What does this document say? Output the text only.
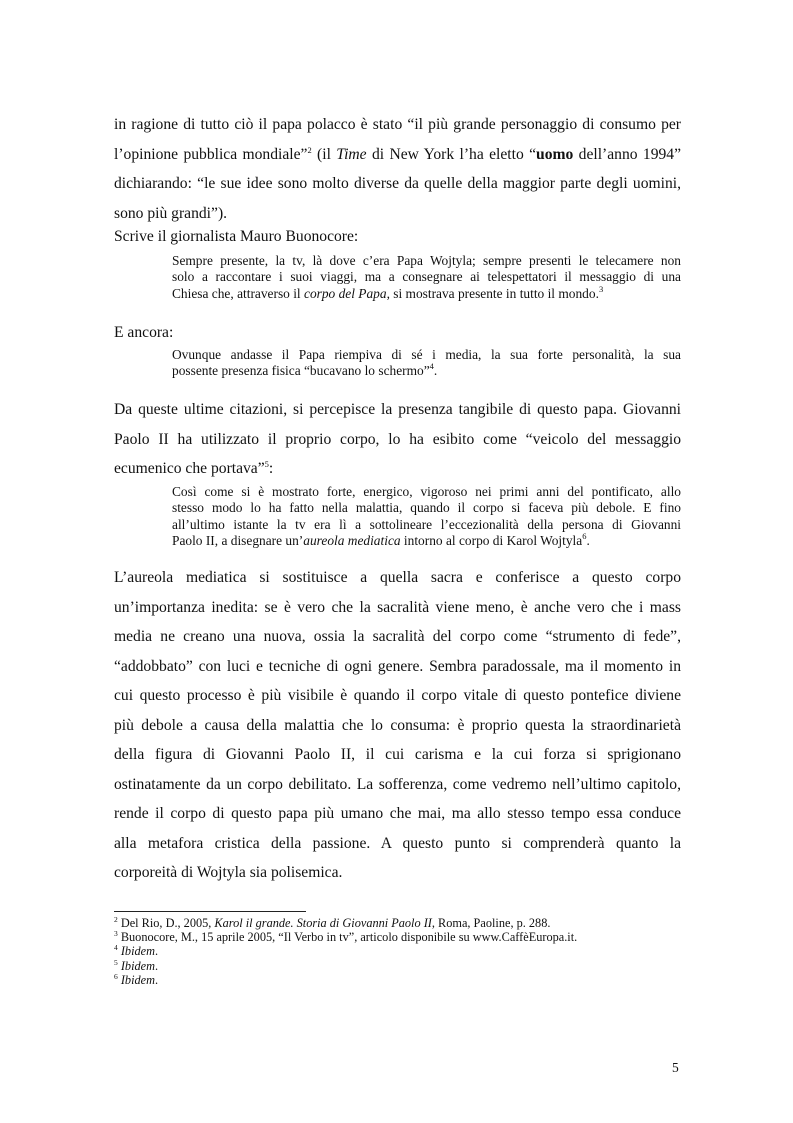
in ragione di tutto ciò il papa polacco è stato “il più grande personaggio di consumo per
l’opinione pubblica mondiale”$^2$ (il Time di New York l’ha eletto “uomo dell’anno 1994”
dichiarando: “le sue idee sono molto diverse da quelle della maggior parte degli uomini,
sono più grandi”).
Scrive il giornalista Mauro Buonocore:
Sempre presente, la tv, là dove c’era Papa Wojtyla; sempre presenti le telecamere non
solo a raccontare i suoi viaggi, ma a consegnare ai telespettatori il messaggio di una
Chiesa che, attraverso il corpo del Papa, si mostrava presente in tutto il mondo.$^3$
E ancora:
Ovunque andasse il Papa riempiva di sé i media, la sua forte personalità, la sua
possente presenza fisica “bucavano lo schermo”$^4$.
Da queste ultime citazioni, si percepisce la presenza tangibile di questo papa. Giovanni
Paolo II ha utilizzato il proprio corpo, lo ha esibito come “veicolo del messaggio
ecumenico che portava”$^5$:
Così come si è mostrato forte, energico, vigoroso nei primi anni del pontificato, allo
stesso modo lo ha fatto nella malattia, quando il corpo si faceva più debole. E fino
all’ultimo istante la tv era lì a sottolineare l’eccezionalità della persona di Giovanni
Paolo II, a disegnare un’aureola mediatica intorno al corpo di Karol Wojtyla$^6$.
L’aureola mediatica si sostituisce a quella sacra e conferisce a questo corpo
un’importanza inedita: se è vero che la sacralità viene meno, è anche vero che i mass
media ne creano una nuova, ossia la sacralità del corpo come “strumento di fede”,
“addobbato” con luci e tecniche di ogni genere. Sembra paradossale, ma il momento in
cui questo processo è più visibile è quando il corpo vitale di questo pontefice diviene
più debole a causa della malattia che lo consuma: è proprio questa la straordinarietà
della figura di Giovanni Paolo II, il cui carisma e la cui forza si sprigionano
ostinatamente da un corpo debilitato. La sofferenza, come vedremo nell’ultimo capitolo,
rende il corpo di questo papa più umano che mai, ma allo stesso tempo essa conduce
alla metafora cristica della passione. A questo punto si comprenderà quanto la
corporeità di Wojtyla sia polisemica.
$^2$ Del Rio, D., 2005, Karol il grande. Storia di Giovanni Paolo II, Roma, Paoline, p. 288.
$^3$ Buonocore, M., 15 aprile 2005, “Il Verbo in tv”, articolo disponibile su www.CaffèEuropa.it.
$^4$ Ibidem.
$^5$ Ibidem.
$^6$ Ibidem.
5
